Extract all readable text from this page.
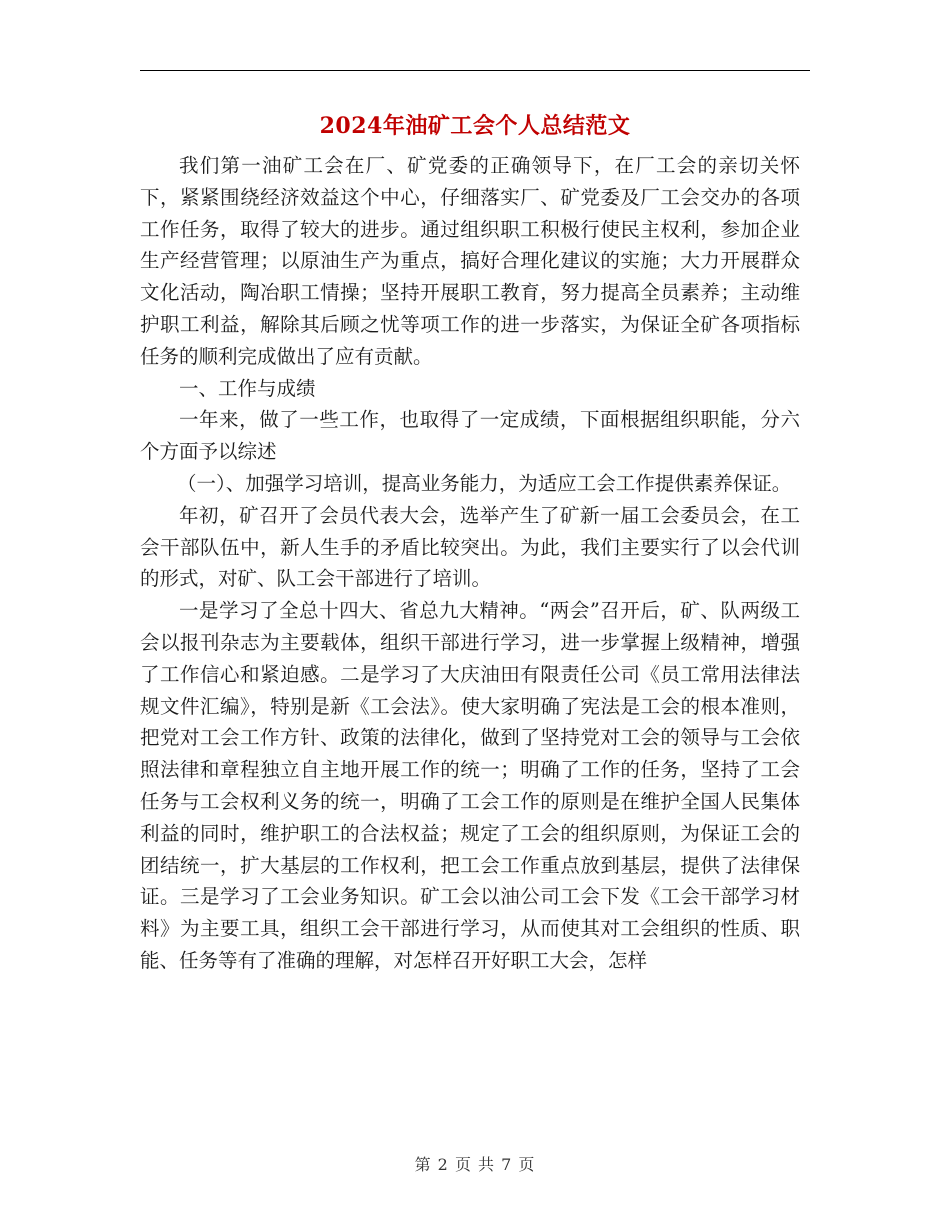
2024年油矿工会个人总结范文

我们第一油矿工会在厂、矿党委的正确领导下，在厂工会的亲切关怀下，紧紧围绕经济效益这个中心，仔细落实厂、矿党委及厂工会交办的各项工作任务，取得了较大的进步。通过组织职工积极行使民主权利，参加企业生产经营管理；以原油生产为重点，搞好合理化建议的实施；大力开展群众文化活动，陶冶职工情操；坚持开展职工教育，努力提高全员素养；主动维护职工利益，解除其后顾之忧等项工作的进一步落实，为保证全矿各项指标任务的顺利完成做出了应有贡献。

一、工作与成绩

一年来，做了一些工作，也取得了一定成绩，下面根据组织职能，分六个方面予以综述

（一）、加强学习培训，提高业务能力，为适应工会工作提供素养保证。

年初，矿召开了会员代表大会，选举产生了矿新一届工会委员会，在工会干部队伍中，新人生手的矛盾比较突出。为此，我们主要实行了以会代训的形式，对矿、队工会干部进行了培训。

一是学习了全总十四大、省总九大精神。“两会”召开后，矿、队两级工会以报刊杂志为主要载体，组织干部进行学习，进一步掌握上级精神，增强了工作信心和紧迫感。二是学习了大庆油田有限责任公司《员工常用法律法规文件汇编》，特别是新《工会法》。使大家明确了宪法是工会的根本准则，把党对工会工作方针、政策的法律化，做到了坚持党对工会的领导与工会依照法律和章程独立自主地开展工作的统一；明确了工作的任务，坚持了工会任务与工会权利义务的统一，明确了工会工作的原则是在维护全国人民集体利益的同时，维护职工的合法权益；规定了工会的组织原则，为保证工会的团结统一，扩大基层的工作权利，把工会工作重点放到基层，提供了法律保证。三是学习了工会业务知识。矿工会以油公司工会下发《工会干部学习材料》为主要工具，组织工会干部进行学习，从而使其对工会组织的性质、职能、任务等有了准确的理解，对怎样召开好职工大会，怎样

第 2 页 共 7 页
